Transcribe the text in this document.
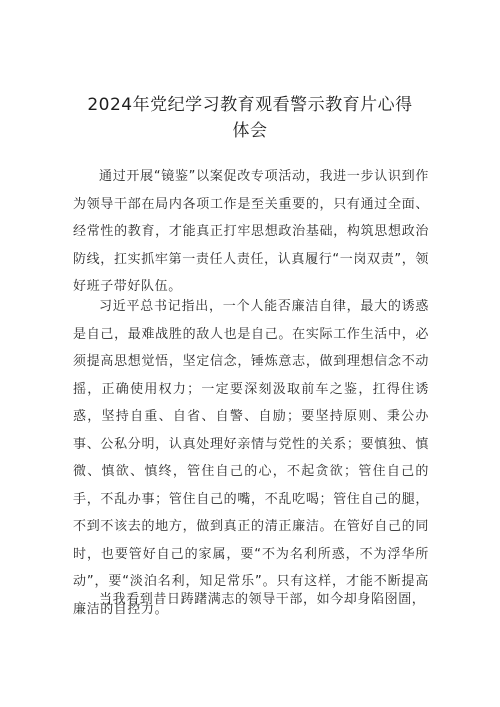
2024年党纪学习教育观看警示教育片心得
体会

通过开展“镜鉴”以案促改专项活动，我进一步认识到作为领导干部在局内各项工作是至关重要的，只有通过全面、经常性的教育，才能真正打牢思想政治基础，构筑思想政治防线，扛实抓牢第一责任人责任，认真履行“一岗双责”，领好班子带好队伍。

习近平总书记指出，一个人能否廉洁自律，最大的诱惑是自己，最难战胜的敌人也是自己。在实际工作生活中，必须提高思想觉悟，坚定信念，锤炼意志，做到理想信念不动摇，正确使用权力；一定要深刻汲取前车之鉴，扛得住诱惑，坚持自重、自省、自警、自励；要坚持原则、秉公办事、公私分明，认真处理好亲情与党性的关系；要慎独、慎微、慎欲、慎终，管住自己的心，不起贪欲；管住自己的手，不乱办事；管住自己的嘴，不乱吃喝；管住自己的腿，不到不该去的地方，做到真正的清正廉洁。在管好自己的同时，也要管好自己的家属，要“不为名利所惑，不为浮华所动”，要“淡泊名利，知足常乐”。只有这样，才能不断提高廉洁的自控力。

当我看到昔日踌躇满志的领导干部，如今却身陷囹圄，
